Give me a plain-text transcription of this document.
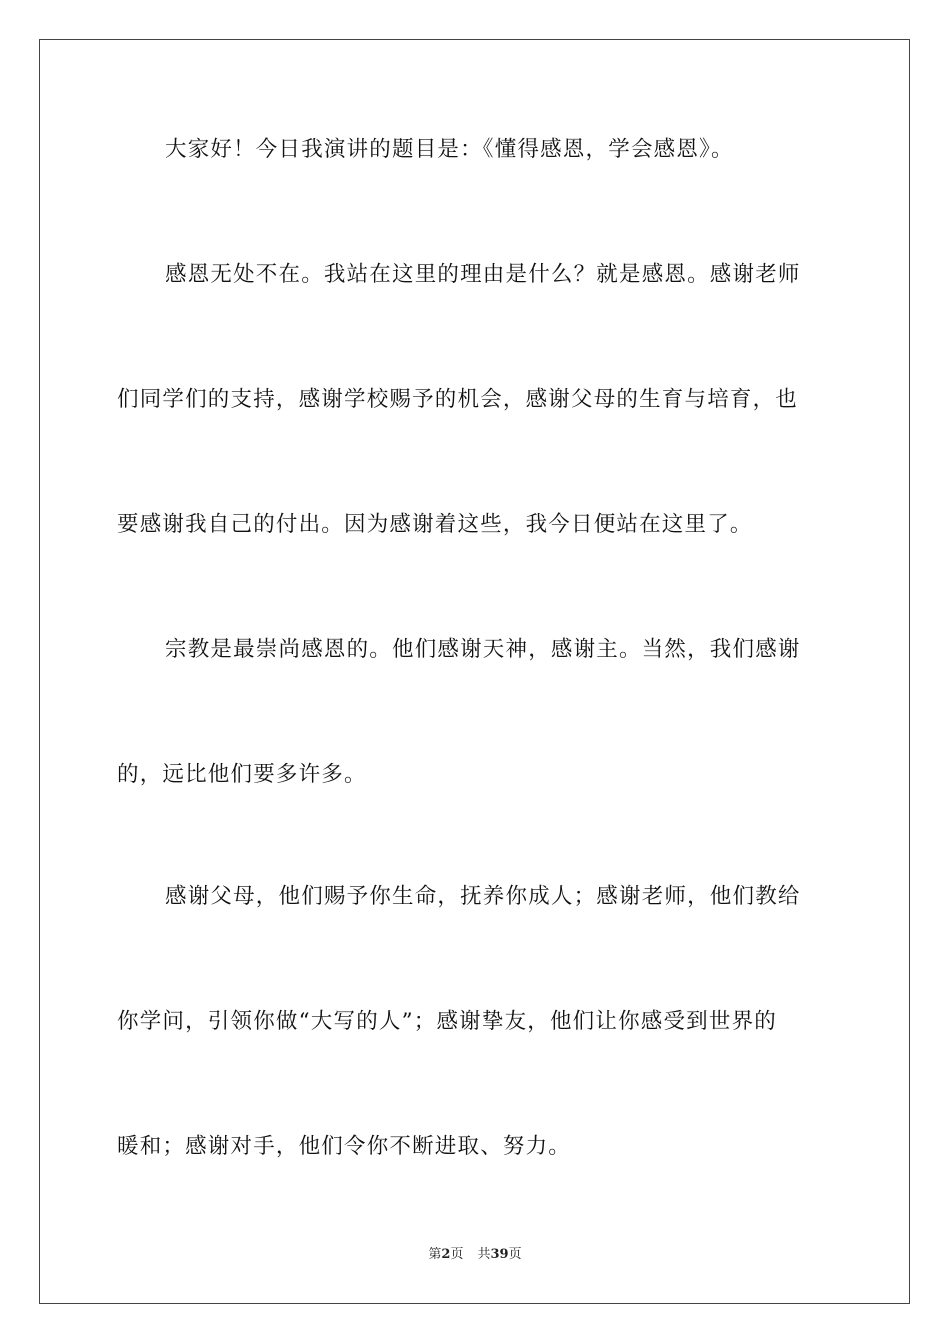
大家好！今日我演讲的题目是：《懂得感恩，学会感恩》。
感恩无处不在。我站在这里的理由是什么？就是感恩。感谢老师
们同学们的支持，感谢学校赐予的机会，感谢父母的生育与培育，也
要感谢我自己的付出。因为感谢着这些，我今日便站在这里了。
宗教是最崇尚感恩的。他们感谢天神，感谢主。当然，我们感谢
的，远比他们要多许多。
感谢父母，他们赐予你生命，抚养你成人；感谢老师，他们教给
你学问，引领你做“大写的人”；感谢挚友，他们让你感受到世界的
暖和；感谢对手，他们令你不断进取、努力。
第2页 共39页
